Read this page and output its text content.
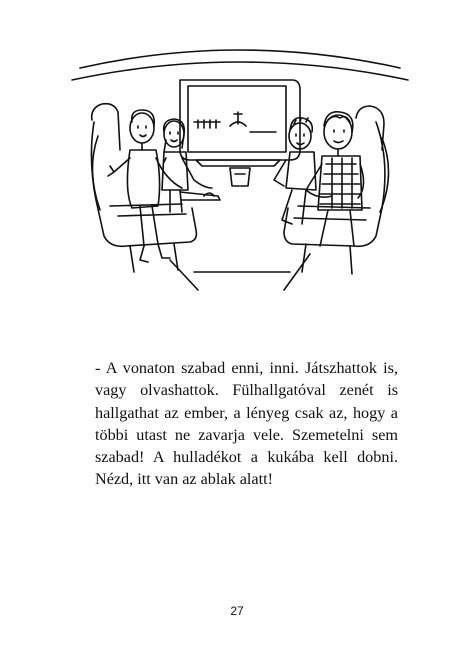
- A vonaton szabad enni, inni. Játszhattok is, vagy olvashattok. Fülhallgatóval zenét is hallgathat az ember, a lényeg csak az, hogy a többi utast ne zavarja vele. Szemetelni sem szabad! A hulladékot a kukába kell dobni. Nézd, itt van az ablak alatt!

27
